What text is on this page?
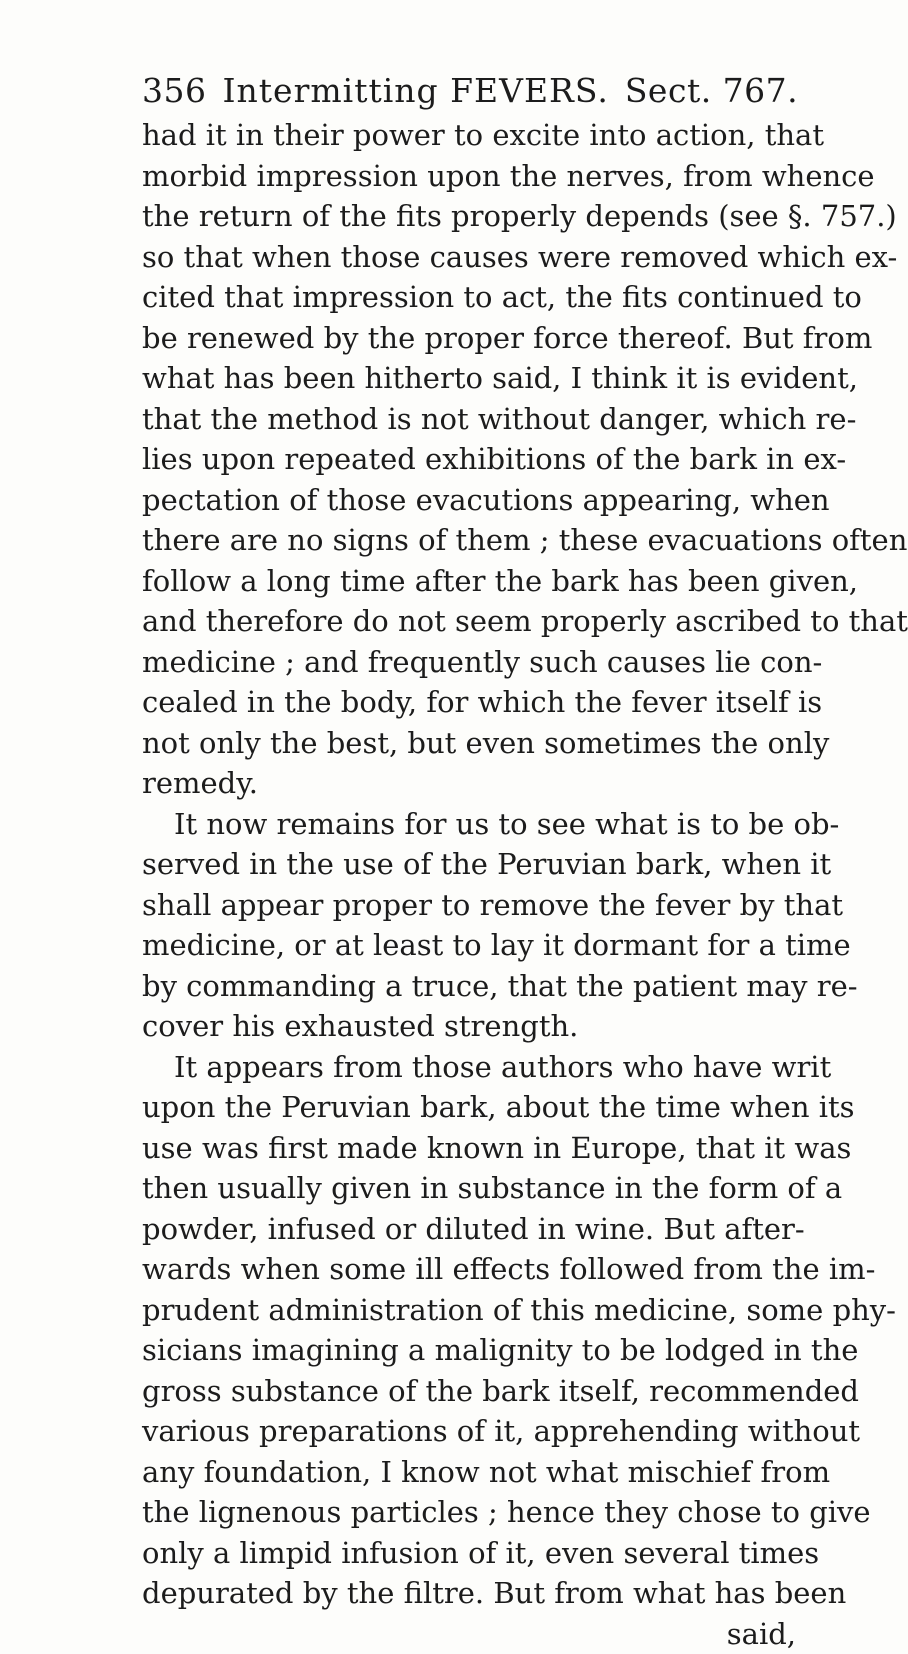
356 Intermitting FEVERS. Sect. 767.
had it in their power to excite into action, that
morbid impression upon the nerves, from whence
the return of the fits properly depends (see §. 757.)
so that when those causes were removed which ex-
cited that impression to act, the fits continued to
be renewed by the proper force thereof. But from
what has been hitherto said, I think it is evident,
that the method is not without danger, which re-
lies upon repeated exhibitions of the bark in ex-
pectation of those evacutions appearing, when
there are no signs of them ; these evacuations often
follow a long time after the bark has been given,
and therefore do not seem properly ascribed to that
medicine ; and frequently such causes lie con-
cealed in the body, for which the fever itself is
not only the best, but even sometimes the only
remedy.
It now remains for us to see what is to be ob-
served in the use of the Peruvian bark, when it
shall appear proper to remove the fever by that
medicine, or at least to lay it dormant for a time
by commanding a truce, that the patient may re-
cover his exhausted strength.
It appears from those authors who have writ
upon the Peruvian bark, about the time when its
use was first made known in Europe, that it was
then usually given in substance in the form of a
powder, infused or diluted in wine. But after-
wards when some ill effects followed from the im-
prudent administration of this medicine, some phy-
sicians imagining a malignity to be lodged in the
gross substance of the bark itself, recommended
various preparations of it, apprehending without
any foundation, I know not what mischief from
the lignenous particles ; hence they chose to give
only a limpid infusion of it, even several times
depurated by the filtre. But from what has been
said,
